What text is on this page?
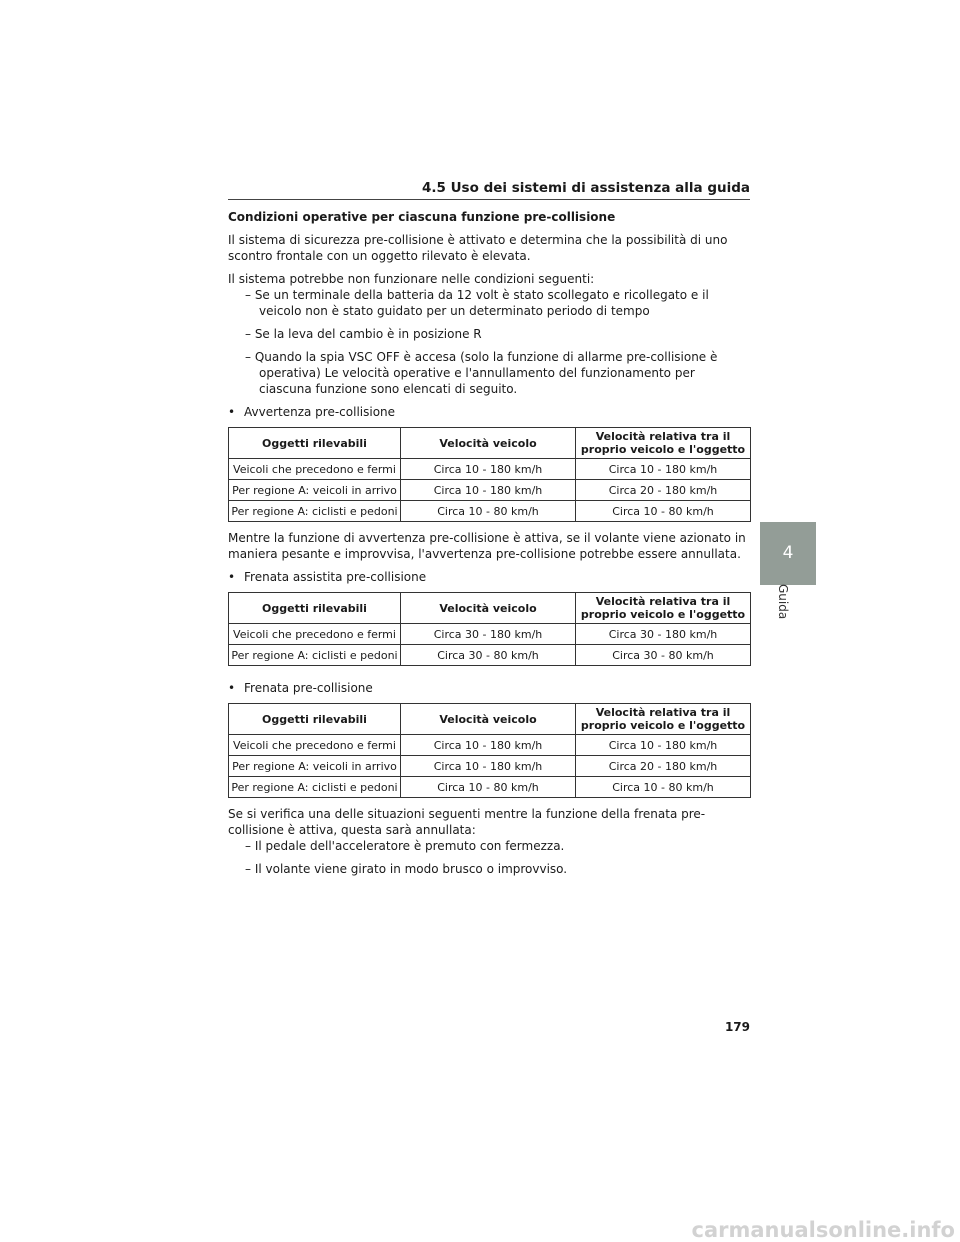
4.5 Uso dei sistemi di assistenza alla guida

Condizioni operative per ciascuna funzione pre-collisione

Il sistema di sicurezza pre-collisione è attivato e determina che la possibilità di uno scontro frontale con un oggetto rilevato è elevata.

Il sistema potrebbe non funzionare nelle condizioni seguenti:

– Se un terminale della batteria da 12 volt è stato scollegato e ricollegato e il veicolo non è stato guidato per un determinato periodo di tempo

– Se la leva del cambio è in posizione R

– Quando la spia VSC OFF è accesa (solo la funzione di allarme pre-collisione è operativa) Le velocità operative e l'annullamento del funzionamento per ciascuna funzione sono elencati di seguito.

• Avvertenza pre-collisione

Oggetti rilevabili	Velocità veicolo	Velocità relativa tra il proprio veicolo e l'oggetto
Veicoli che precedono e fermi	Circa 10 - 180 km/h	Circa 10 - 180 km/h
Per regione A: veicoli in arrivo	Circa 10 - 180 km/h	Circa 20 - 180 km/h
Per regione A: ciclisti e pedoni	Circa 10 - 80 km/h	Circa 10 - 80 km/h

Mentre la funzione di avvertenza pre-collisione è attiva, se il volante viene azionato in maniera pesante e improvvisa, l'avvertenza pre-collisione potrebbe essere annullata.

• Frenata assistita pre-collisione

Oggetti rilevabili	Velocità veicolo	Velocità relativa tra il proprio veicolo e l'oggetto
Veicoli che precedono e fermi	Circa 30 - 180 km/h	Circa 30 - 180 km/h
Per regione A: ciclisti e pedoni	Circa 30 - 80 km/h	Circa 30 - 80 km/h

• Frenata pre-collisione

Oggetti rilevabili	Velocità veicolo	Velocità relativa tra il proprio veicolo e l'oggetto
Veicoli che precedono e fermi	Circa 10 - 180 km/h	Circa 10 - 180 km/h
Per regione A: veicoli in arrivo	Circa 10 - 180 km/h	Circa 20 - 180 km/h
Per regione A: ciclisti e pedoni	Circa 10 - 80 km/h	Circa 10 - 80 km/h

Se si verifica una delle situazioni seguenti mentre la funzione della frenata pre-collisione è attiva, questa sarà annullata:

– Il pedale dell'acceleratore è premuto con fermezza.

– Il volante viene girato in modo brusco o improvviso.

4
Guida
179
carmanualsonline.info
